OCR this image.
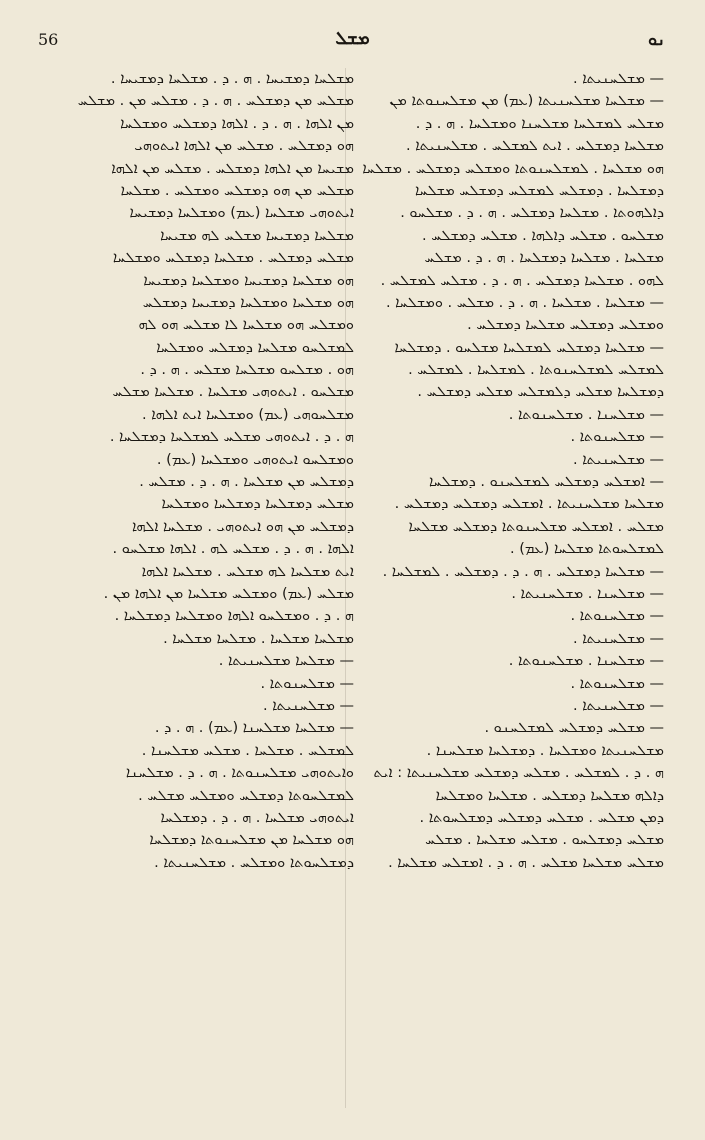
56	ܡܫܠ	ܢܘ
ܡܫܠܚܐ ܕܡܫܝܚܐ . ܗ . ܕ . ܡܫܠܚܐ ܕܡܫܝܚܐ .
ܡܫܠܚ ܡܢ ܕܡܫܠܚ . ܗ . ܕ . ܡܫܠܚ ܡܢ . ܡܫܠܚ
ܡܢ ܐܠܗܐ . ܗ . ܕ . ܐܠܗܐ ܕܡܫܠܚ ܘܡܫܠܚܐ
ܗܘ ܕܡܫܠܚ . ܡܫܠܚ ܡܢ ܐܠܗܐ ܐܝܬܘܗܝ
ܡܫܝܚܐ ܡܢ ܐܠܗܐ ܕܡܫܠܚ . ܡܫܠܚ ܡܢ ܐܠܗܐ
ܡܫܠܚ ܡܢ ܗܘ ܕܡܫܠܚ ܘܡܫܠܚ . ܡܫܠܚܐ
ܐܝܬܘܗܝ ܡܫܠܚܐ (ܥܡ) ܘܡܫܠܚܐ ܕܡܫܝܚܐ
ܡܫܠܚܐ ܕܡܫܝܚܐ ܡܫܠܚ ܠܗ ܡܫܝܚܐ
ܡܫܠܚ ܕܡܫܠܚ . ܡܫܠܚܐ ܕܡܫܠܚ ܘܡܫܠܚܐ
ܗܘ ܡܫܠܚܐ ܕܡܫܝܚܐ ܘܡܫܠܚܐ ܕܡܫܝܚܐ
ܗܘ ܡܫܠܚܐ ܘܡܫܠܚܐ ܕܡܫܝܚܐ ܕܡܫܠܚ
ܘܡܫܠܚ ܗܘ ܡܫܠܚܐ ܠܐ ܡܫܠܚ ܗܘ ܠܗ
ܠܡܫܠܚܘ ܡܫܠܚܐ ܕܡܫܠܚ ܘܡܫܠܚܐ
ܗܘ . ܡܫܠܚܘ ܡܫܠܚܐ ܡܫܠܚ . ܗ . ܕ .
ܡܫܠܚܘ . ܐܝܬܘܗܝ ܡܫܠܚܐ . ܡܫܠܚܐ ܡܫܠܚ
ܡܫܠܚܘܗܝ (ܥܡ) ܘܡܫܠܚܐ ܐܝܬ ܐܠܗܐ .
ܗ . ܕ . ܐܝܬܘܗܝ ܡܫܠܚ ܠܡܫܠܚܐ ܕܡܫܠܚܐ .
ܘܡܫܠܚܘ ܐܝܬܘܗܝ ܘܡܫܠܚܐ (ܥܡ) .
ܕܡܫܠܚ ܡܢ ܡܫܠܚܐ . ܗ . ܕ . ܡܫܠܚ .
ܡܫܠܚ ܕܡܫܠܚܐ ܕܡܫܠܚܐ ܘܡܫܠܚܐ
ܕܡܫܠܚ ܡܢ ܗܘ ܐܝܬܘܗܝ . ܡܫܠܚܐ ܐܠܗܐ
ܐܠܗܐ . ܗ . ܕ . ܡܫܠܚ ܠܗ . ܐܠܗܐ ܡܫܠܚܘ .
ܐܝܬ ܡܫܠܚܐ ܠܗ ܡܫܠܚ . ܡܫܠܚܐ ܐܠܗܐ
ܡܫܠܚ (ܥܡ) ܘܡܫܠܚ ܡܫܠܚܐ ܡܢ ܐܠܗܐ ܡܢ .
ܗ . ܕ . ܘܡܫܠܚܘ ܐܠܗܐ ܘܡܫܠܚܐ ܕܡܫܠܚܐ .
ܡܫܠܚܐ ܡܫܠܚܐ . ܡܫܠܚܐ ܡܫܠܚܐ .
— ܡܫܠܚܐ ܡܫܠܚܢܝܬܐ .
— ܡܫܠܚܢܘܬܐ .
— ܡܫܠܚܢܝܬܐ .
— ܡܫܠܚܐ ܡܫܠܚܢܐ (ܥܡ) . ܗ . ܕ .
ܠܡܫܠܚ . ܡܫܠܚܐ . ܡܫܠܚ ܡܫܠܚܢܐ .
ܘܐܝܬܘܗܝ ܡܫܠܚܢܘܬܐ . ܗ . ܕ . ܡܫܠܚܢܐ
ܠܡܫܠܚܘܬܐ ܕܡܫܠܚ ܘܡܫܠܚ ܡܫܠܚ .
ܐܝܬܘܗܝ ܡܫܠܚܐ . ܗ . ܕ . ܕܡܫܠܚܐ
ܗܘ ܡܫܠܚܐ ܡܢ ܡܫܠܚܢܘܬܐ ܕܡܫܠܚܐ
ܕܡܫܠܚܘܬܐ ܘܡܫܠܚ . ܡܫܠܚܢܝܬܐ .
— ܡܫܠܚܢܝܬܐ .
— ܡܫܠܚܐ ܡܫܠܚܢܝܬܐ (ܥܡ) ܡܢ ܡܫܠܚܢܘܬܐ ܡܢ
ܡܫܠܚ ܠܡܫܠܚܐ ܡܫܠܚܢܐ ܘܡܫܠܚܐ . ܗ . ܕ .
ܡܫܠܚܐ ܕܡܫܠܚ . ܐܝܬ ܠܡܫܠܚ . ܡܫܠܚܢܝܬܐ .
ܗܘ ܡܫܠܚܐ . ܠܡܫܠܚܢܘܬܐ ܘܡܫܠܚ ܕܡܫܠܚ . ܡܫܠܚܐ
ܕܡܫܠܚܐ . ܕܡܫܠܚ ܠܡܫܠܚ ܕܡܫܠܚ ܡܫܠܚܐ
ܕܐܠܗܘܬܐ . ܡܫܠܚܐ ܕܡܫܠܚ . ܗ . ܕ . ܡܫܠܚܘ .
ܡܫܠܚܘ . ܡܫܠܚ ܕܐܠܗܐ . ܡܫܠܚ ܕܡܫܠܚ .
ܡܫܠܚܐ . ܡܫܠܚܐ ܕܡܫܠܚܐ . ܗ . ܕ . ܡܫܠܚ
ܠܗܘ . ܡܫܠܚܐ ܕܡܫܠܚ . ܗ . ܕ . ܡܫܠܚ ܠܡܫܠܚ .
— ܡܫܠܚܐ . ܡܫܠܚܐ . ܗ . ܕ . ܡܫܠܚ . ܘܡܫܠܚܐ .
ܘܡܫܠܚ ܕܡܫܠܚ ܡܫܠܚܐ ܕܡܫܠܚ .
— ܡܫܠܚܐ ܕܡܫܠܚ ܠܡܫܠܚܐ ܡܫܠܚܘ . ܕܡܫܠܚܐ
ܠܡܫܠܚ ܠܡܫܠܚܢܘܬܐ . ܠܡܫܠܚܐ . ܠܡܫܠܚ .
ܕܡܫܠܚܐ ܡܫܠܚ ܕܠܡܫܠܚ ܡܫܠܚ ܕܡܫܠܚ .
— ܡܫܠܚܢܐ . ܡܫܠܚܢܘܬܐ .
— ܡܫܠܚܢܘܬܐ .
— ܡܫܠܚܢܝܬܐ .
— ܐܡܫܠܚ ܕܡܫܠܚ ܠܡܫܠܚܢܘ . ܕܡܫܠܚܐ
ܡܫܠܚܐ ܡܫܠܚܢܝܬܐ . ܐܡܫܠܚ ܕܡܫܠܚ ܕܡܫܠܚ .
ܡܫܠܚ . ܐܡܫܠܚ ܡܫܠܚܢܘܬܐ ܕܡܫܠܚ ܡܫܠܚܐ
ܠܡܫܠܚܘܬܐ ܡܫܠܚܐ (ܥܡ) .
— ܡܫܠܚܐ ܕܡܫܠܚ . ܗ . ܕ . ܕܡܫܠܚ . ܠܡܫܠܚܐ .
— ܡܫܠܚܢܐ . ܡܫܠܚܢܝܬܐ .
— ܡܫܠܚܢܘܬܐ .
— ܡܫܠܚܢܝܬܐ .
— ܡܫܠܚܢܐ . ܡܫܠܚܢܘܬܐ .
— ܡܫܠܚܢܘܬܐ .
— ܡܫܠܚܢܝܬܐ .
— ܡܫܠܚ ܕܡܫܠܚ ܠܡܫܠܚܢܘ .
ܡܫܠܚܢܝܬܐ ܘܡܫܠܚܐ . ܕܡܫܠܚܐ ܡܫܠܚܢܐ .
ܗ . ܕ . ܠܡܫܠܚ . ܡܫܠܚ ܕܡܫܠܚ ܡܫܠܚܢܝܬܐ : ܐܝܬ
ܕܐܠܗ ܡܫܠܚܐ ܕܡܫܠܚ . ܡܫܠܚܐ ܘܡܫܠܚܐ
ܕܡܢ ܡܫܠܚ . ܡܫܠܚ ܕܡܫܠܚ ܕܡܫܠܚܘܬܐ .
ܡܫܠܚ ܕܡܫܠܚܘ . ܡܫܠܚ ܡܫܠܚܐ . ܡܫܠܚ
ܡܫܠܚ ܡܫܠܚܐ ܡܫܠܚ . ܗ . ܕ . ܐܡܫܠܚ ܡܫܠܚܐ .
